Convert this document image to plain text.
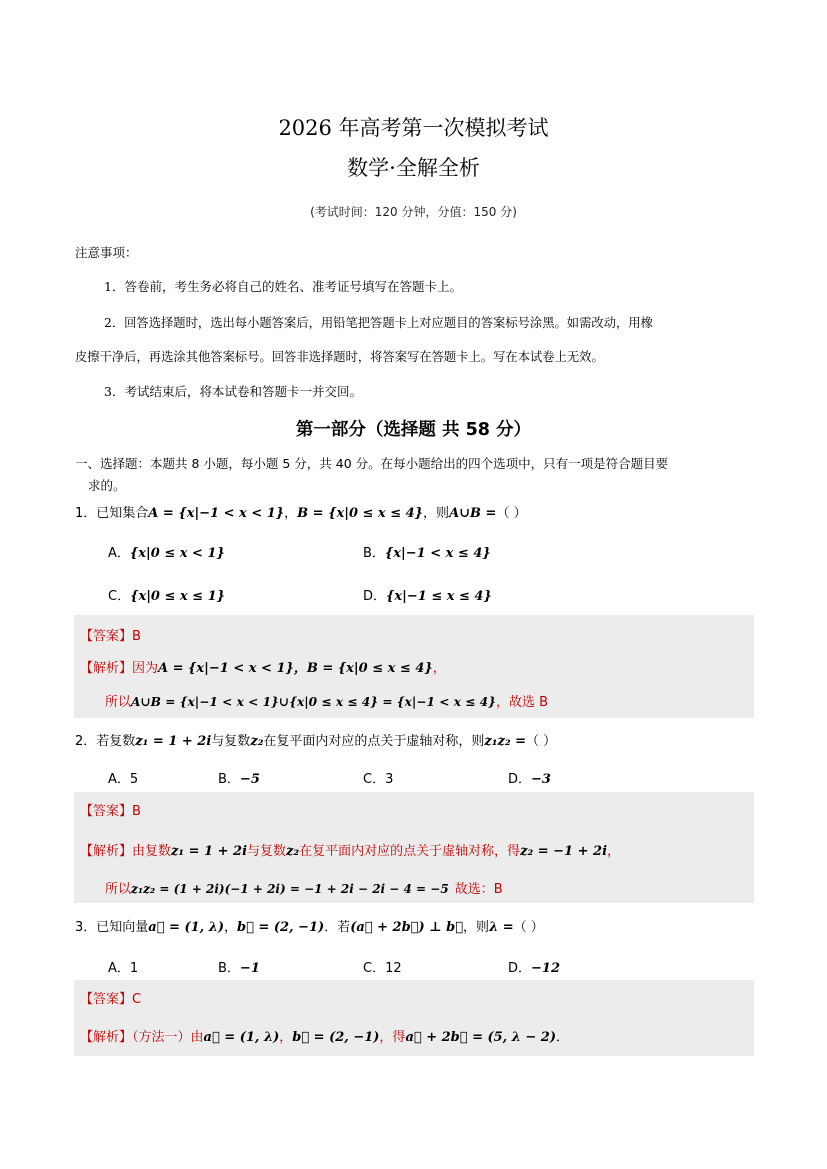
2026 年高考第一次模拟考试
数学·全解全析
(考试时间：120 分钟，分值：150 分)
注意事项：
1．答卷前，考生务必将自己的姓名、准考证号填写在答题卡上。
2．回答选择题时，选出每小题答案后，用铅笔把答题卡上对应题目的答案标号涂黑。如需改动，用橡
皮擦干净后，再选涂其他答案标号。回答非选择题时，将答案写在答题卡上。写在本试卷上无效。
3．考试结束后，将本试卷和答题卡一并交回。
第一部分（选择题 共 58 分）
一、选择题：本题共 8 小题，每小题 5 分，共 40 分。在每小题给出的四个选项中，只有一项是符合题目要
求的。
1．已知集合A = {x|−1 < x < 1}，B = {x|0 ≤ x ≤ 4}，则A∪B =（ ）
A．{x|0 ≤ x < 1}	B．{x|−1 < x ≤ 4}
C．{x|0 ≤ x ≤ 1}	D．{x|−1 ≤ x ≤ 4}
【答案】B
【解析】因为A = {x|−1 < x < 1}，B = {x|0 ≤ x ≤ 4}，
所以A∪B = {x|−1 < x < 1}∪{x|0 ≤ x ≤ 4} = {x|−1 < x ≤ 4}，故选 B
2．若复数z₁ = 1 + 2i与复数z₂在复平面内对应的点关于虚轴对称，则z₁z₂ =（ ）
A．5	B．−5	C．3	D．−3
【答案】B
【解析】由复数z₁ = 1 + 2i与复数z₂在复平面内对应的点关于虚轴对称，得z₂ = −1 + 2i，
所以z₁z₂ = (1 + 2i)(−1 + 2i) = −1 + 2i − 2i − 4 = −5 故选：B
3．已知向量a⃗ = (1, λ)，b⃗ = (2, −1)．若(a⃗ + 2b⃗) ⊥ b⃗，则λ =（ ）
A．1	B．−1	C．12	D．−12
【答案】C
【解析】（方法一）由a⃗ = (1, λ)，b⃗ = (2, −1)，得a⃗ + 2b⃗ = (5, λ − 2)．
